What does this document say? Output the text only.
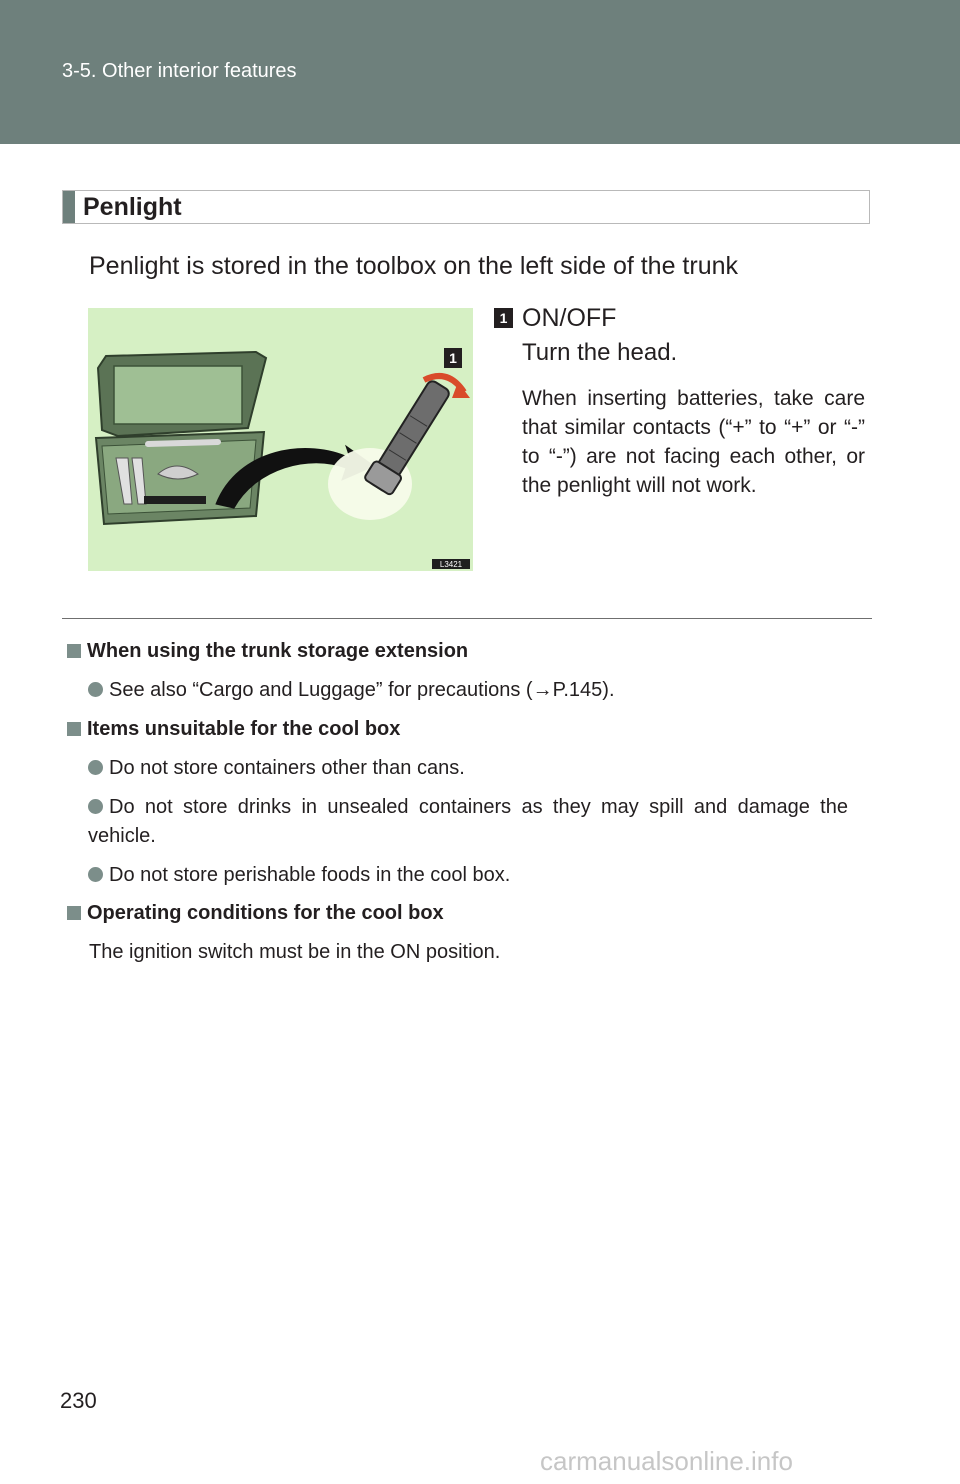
3-5. Other interior features
Penlight
Penlight is stored in the toolbox on the left side of the trunk
1
L3421
1 ON/OFF
Turn the head.
When inserting batteries, take care that similar contacts (“+” to “+” or “-” to “-”) are not facing each other, or the penlight will not work.
When using the trunk storage extension
See also “Cargo and Luggage” for precautions (→P.145).
Items unsuitable for the cool box
Do not store containers other than cans.
Do not store drinks in unsealed containers as they may spill and damage the vehicle.
Do not store perishable foods in the cool box.
Operating conditions for the cool box
The ignition switch must be in the ON position.
230
carmanualsonline.info
